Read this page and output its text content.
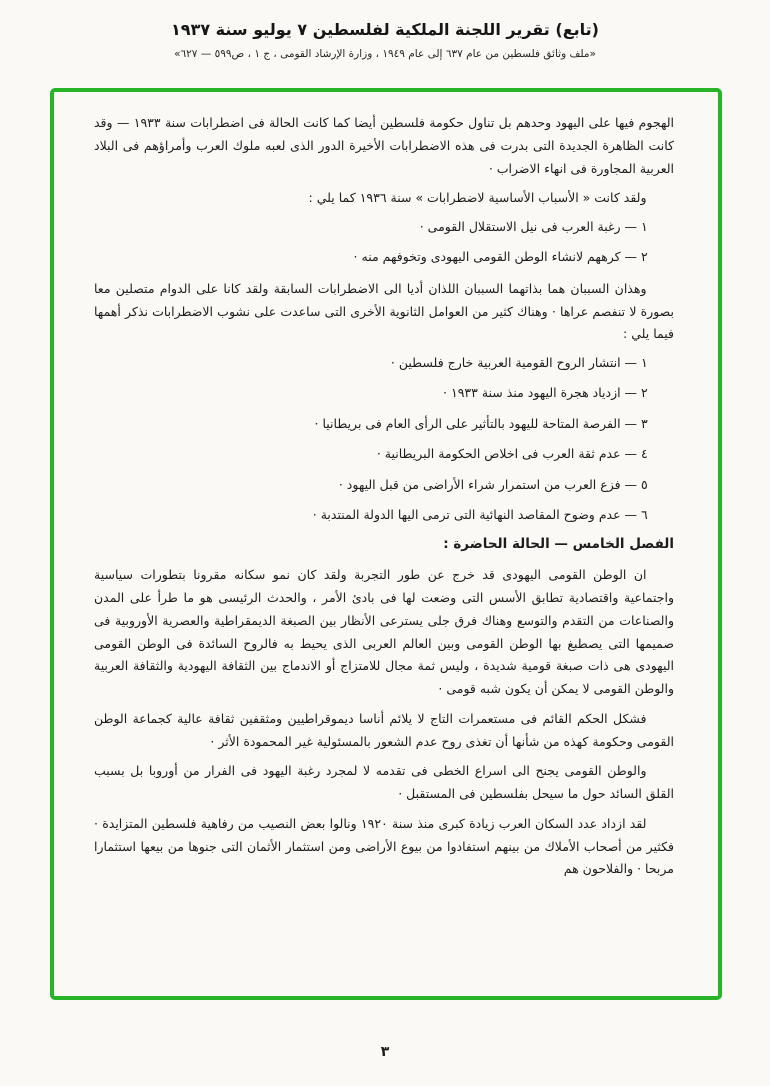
(تابع) تقرير اللجنة الملكية لفلسطين ٧ يوليو سنة ١٩٣٧
«ملف وثائق فلسطين من عام ٦٣٧ إلى عام ١٩٤٩ ، وزارة الإرشاد القومى ، ج ١ ، ص٥٩٩ — ٦٢٧»

الهجوم فيها على اليهود وحدهم بل تناول حكومة فلسطين أيضا كما كانت الحالة فى اضطرابات سنة ١٩٣٣ — وقد كانت الظاهرة الجديدة التى بدرت فى هذه الاضطرابات الأخيرة الدور الذى لعبه ملوك العرب وأمراؤهم فى البلاد العربية المجاورة فى انهاء الاضراب ·

ولقد كانت « الأسباب الأساسية لاضطرابات » سنة ١٩٣٦ كما يلي :

١ — رغبة العرب فى نيل الاستقلال القومى ·

٢ — كرههم لانشاء الوطن القومى اليهودى وتخوفهم منه ·

وهذان السببان هما بذاتهما السببان اللذان أديا الى الاضطرابات السابقة ولقد كانا على الدوام متصلين معا بصورة لا تنفصم عراها · وهناك كثير من العوامل الثانوية الأخرى التى ساعدت على نشوب الاضطرابات نذكر أهمها فيما يلي :

١ — انتشار الروح القومية العربية خارج فلسطين ·

٢ — ازدياد هجرة اليهود منذ سنة ١٩٣٣ ·

٣ — الفرصة المتاحة لليهود بالتأثير على الرأى العام فى بريطانيا ·

٤ — عدم ثقة العرب فى اخلاص الحكومة البريطانية ·

٥ — فزع العرب من استمرار شراء الأراضى من قبل اليهود ·

٦ — عدم وضوح المقاصد النهائية التى ترمى اليها الدولة المنتدبة ·

الفصل الخامس — الحالة الحاضرة :

ان الوطن القومى اليهودى قد خرج عن طور التجربة ولقد كان نمو سكانه مقرونا بتطورات سياسية واجتماعية واقتصادية تطابق الأسس التى وضعت لها فى بادئ الأمر ، والحدث الرئيسى هو ما طرأ على المدن والصناعات من التقدم والتوسع وهناك فرق جلى يسترعى الأنظار بين الصبغة الديمقراطية والعصرية الأوروبية فى صميمها التى يصطبغ بها الوطن القومى وبين العالم العربى الذى يحيط به فالروح السائدة فى الوطن القومى اليهودى هى ذات صبغة قومية شديدة ، وليس ثمة مجال للامتزاج أو الاندماج بين الثقافة اليهودية والثقافة العربية والوطن القومى لا يمكن أن يكون شبه قومى ·

فشكل الحكم القائم فى مستعمرات التاج لا يلائم أناسا ديموقراطيين ومثقفين ثقافة عالية كجماعة الوطن القومى وحكومة كهذه من شأنها أن تغذى روح عدم الشعور بالمسئولية غير المحمودة الأثر ·

والوطن القومى يجنح الى اسراع الخطى فى تقدمه لا لمجرد رغبة اليهود فى الفرار من أوروبا بل بسبب القلق السائد حول ما سيحل بفلسطين فى المستقبل ·

لقد ازداد عدد السكان العرب زيادة كبرى منذ سنة ١٩٢٠ ونالوا بعض النصيب من رفاهية فلسطين المتزايدة · فكثير من أصحاب الأملاك من بينهم استفادوا من بيوع الأراضى ومن استثمار الأثمان التى جنوها من بيعها استثمارا مربحا · والفلاحون هم

٣
